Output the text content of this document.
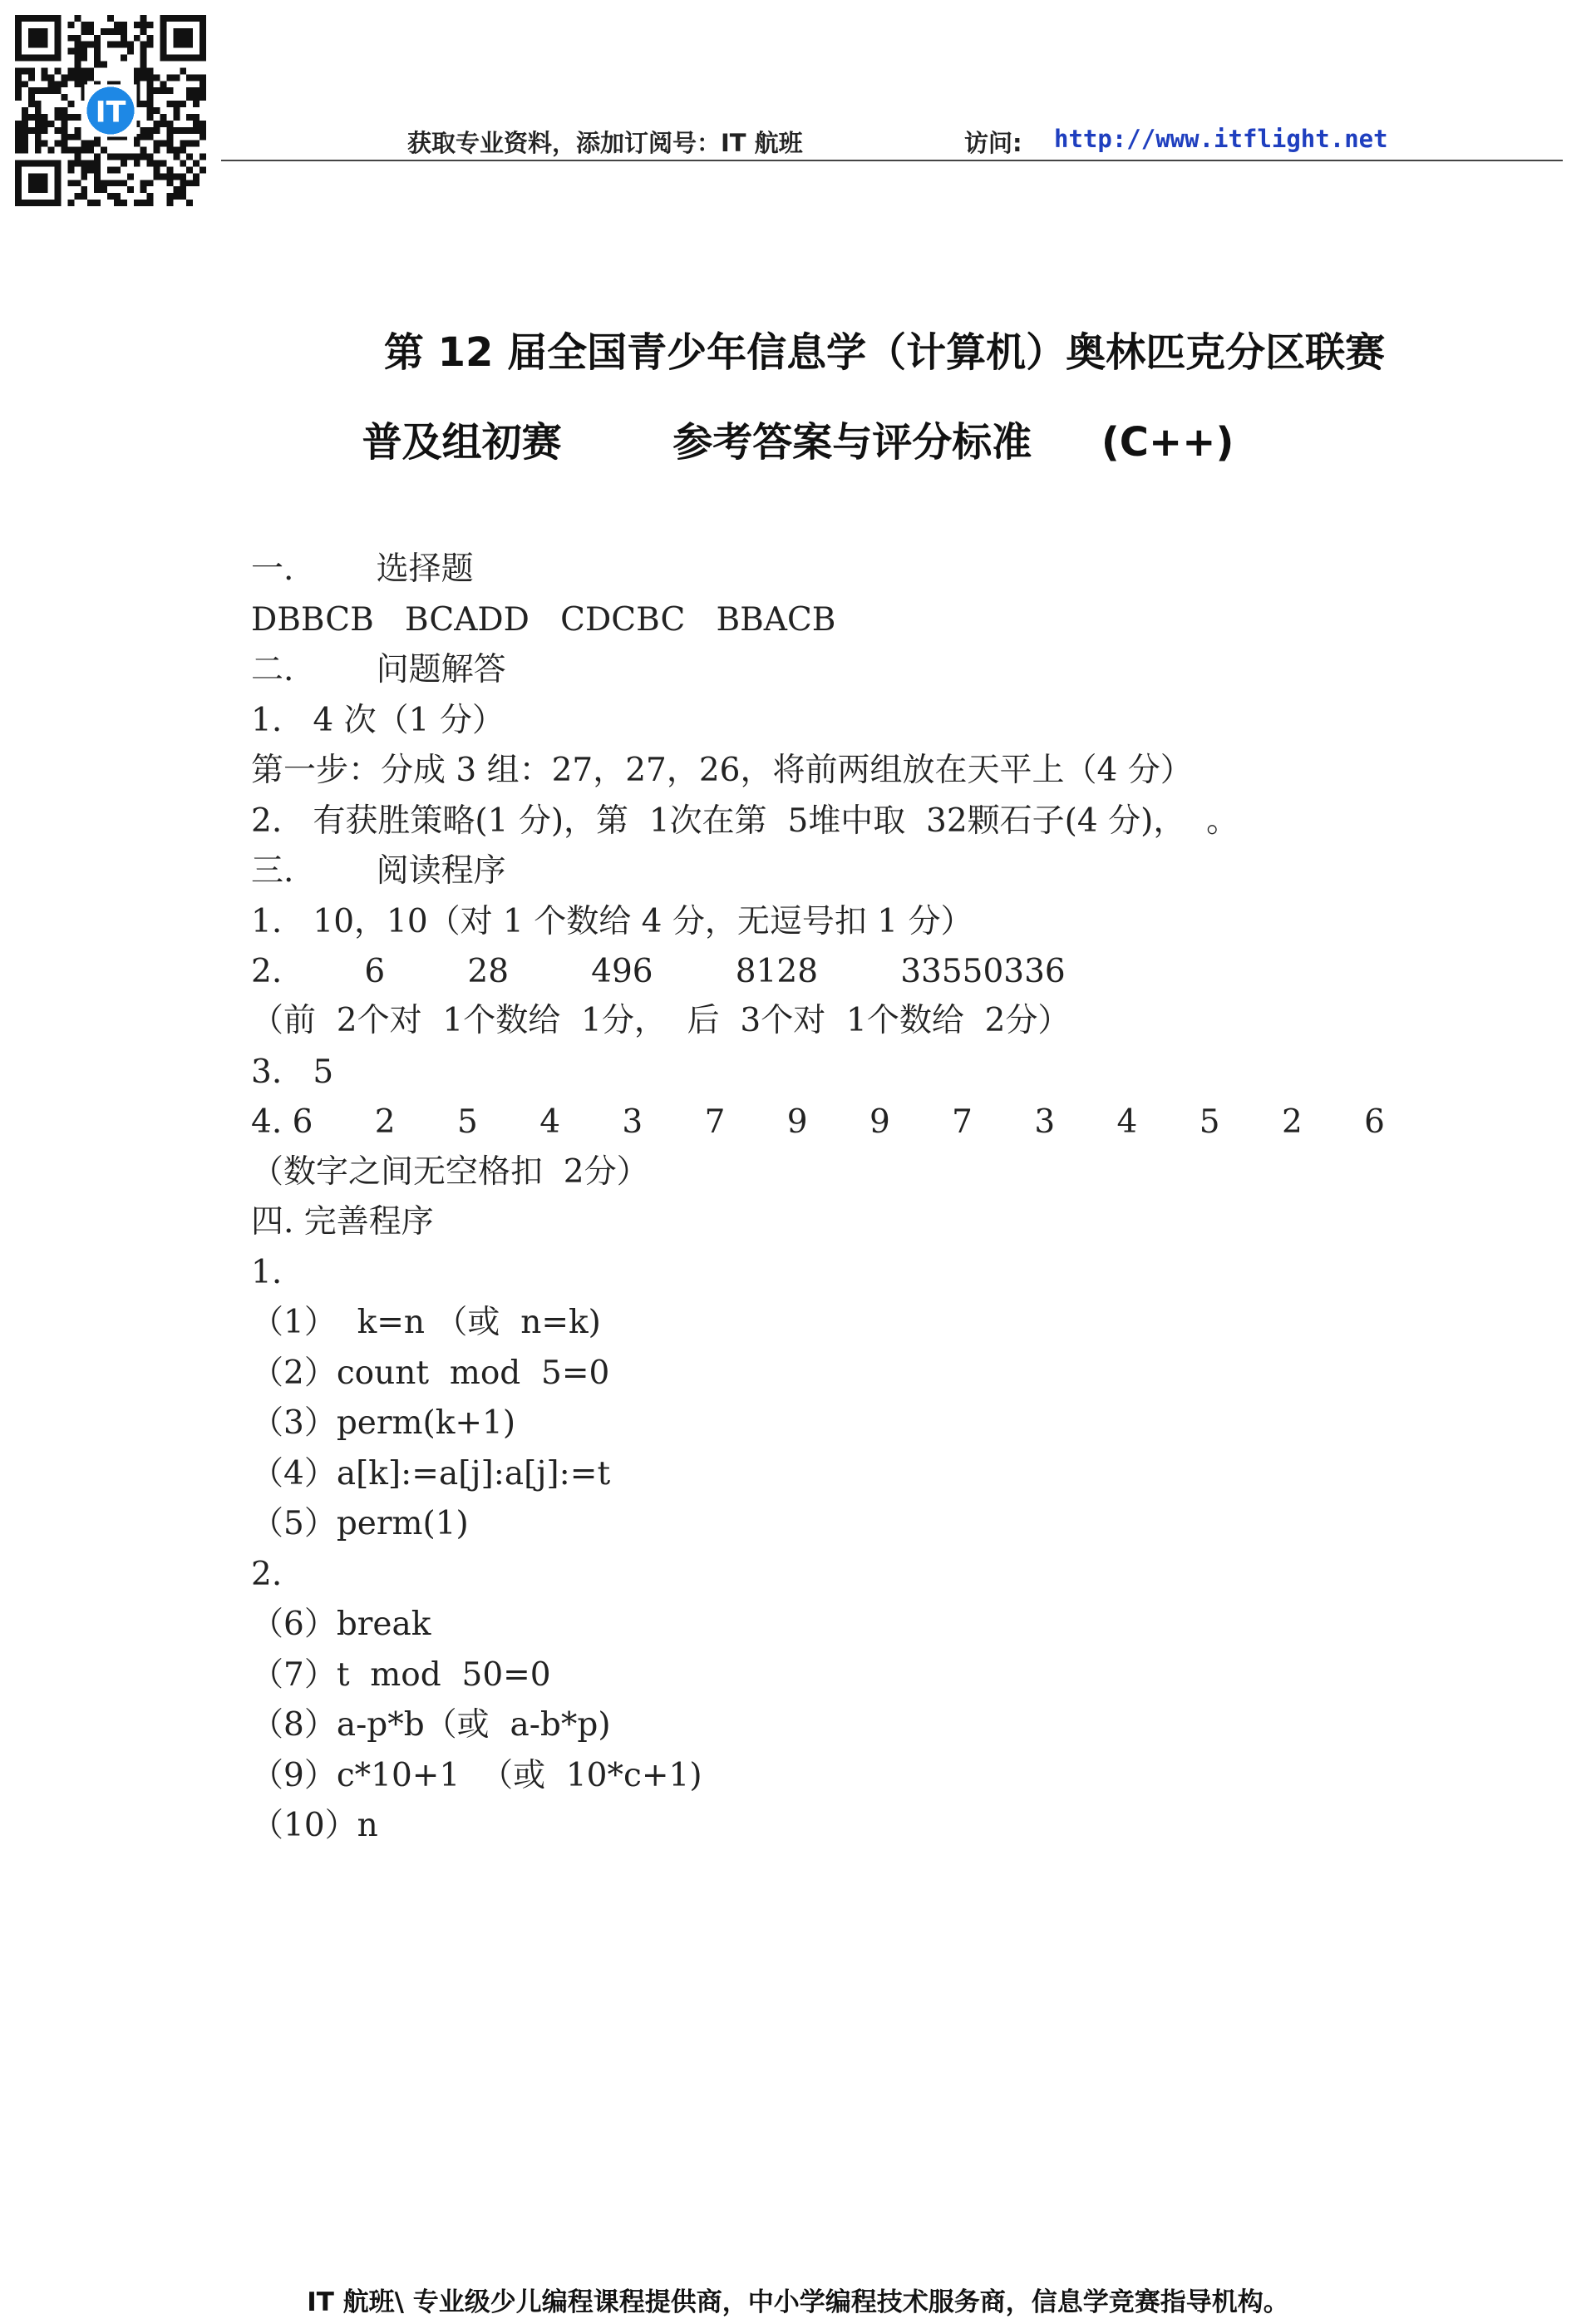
IT
获取专业资料，添加订阅号：IT 航班	访问: http://www.itflight.net
第 12 届全国青少年信息学（计算机）奥林匹克分区联赛
普及组初赛        参考答案与评分标准     (C++)
一.        选择题
DBBCB   BCADD   CDCBC   BBACB
二.        问题解答
1.   4 次（1 分）
第一步：分成 3 组：27，27，26，将前两组放在天平上（4 分）
2.   有获胜策略(1 分)，第  1次在第  5堆中取  32颗石子(4 分)，  。
三.        阅读程序
1.   10，10（对 1 个数给 4 分，无逗号扣 1 分）
2.        6        28        496        8128        33550336
（前  2个对  1个数给  1分，  后  3个对  1个数给  2分）
3.   5
4. 6      2      5      4      3      7      9      9      7      3      4      5      2      6
（数字之间无空格扣  2分）
四. 完善程序
1.
（1）  k=n （或  n=k)
（2）count  mod  5=0
（3）perm(k+1)
（4）a[k]:=a[j]:a[j]:=t
（5）perm(1)
2.
（6）break
（7）t  mod  50=0
（8）a-p*b（或  a-b*p)
（9）c*10+1  （或  10*c+1)
（10）n
IT 航班\ 专业级少儿编程课程提供商，中小学编程技术服务商，信息学竞赛指导机构。
